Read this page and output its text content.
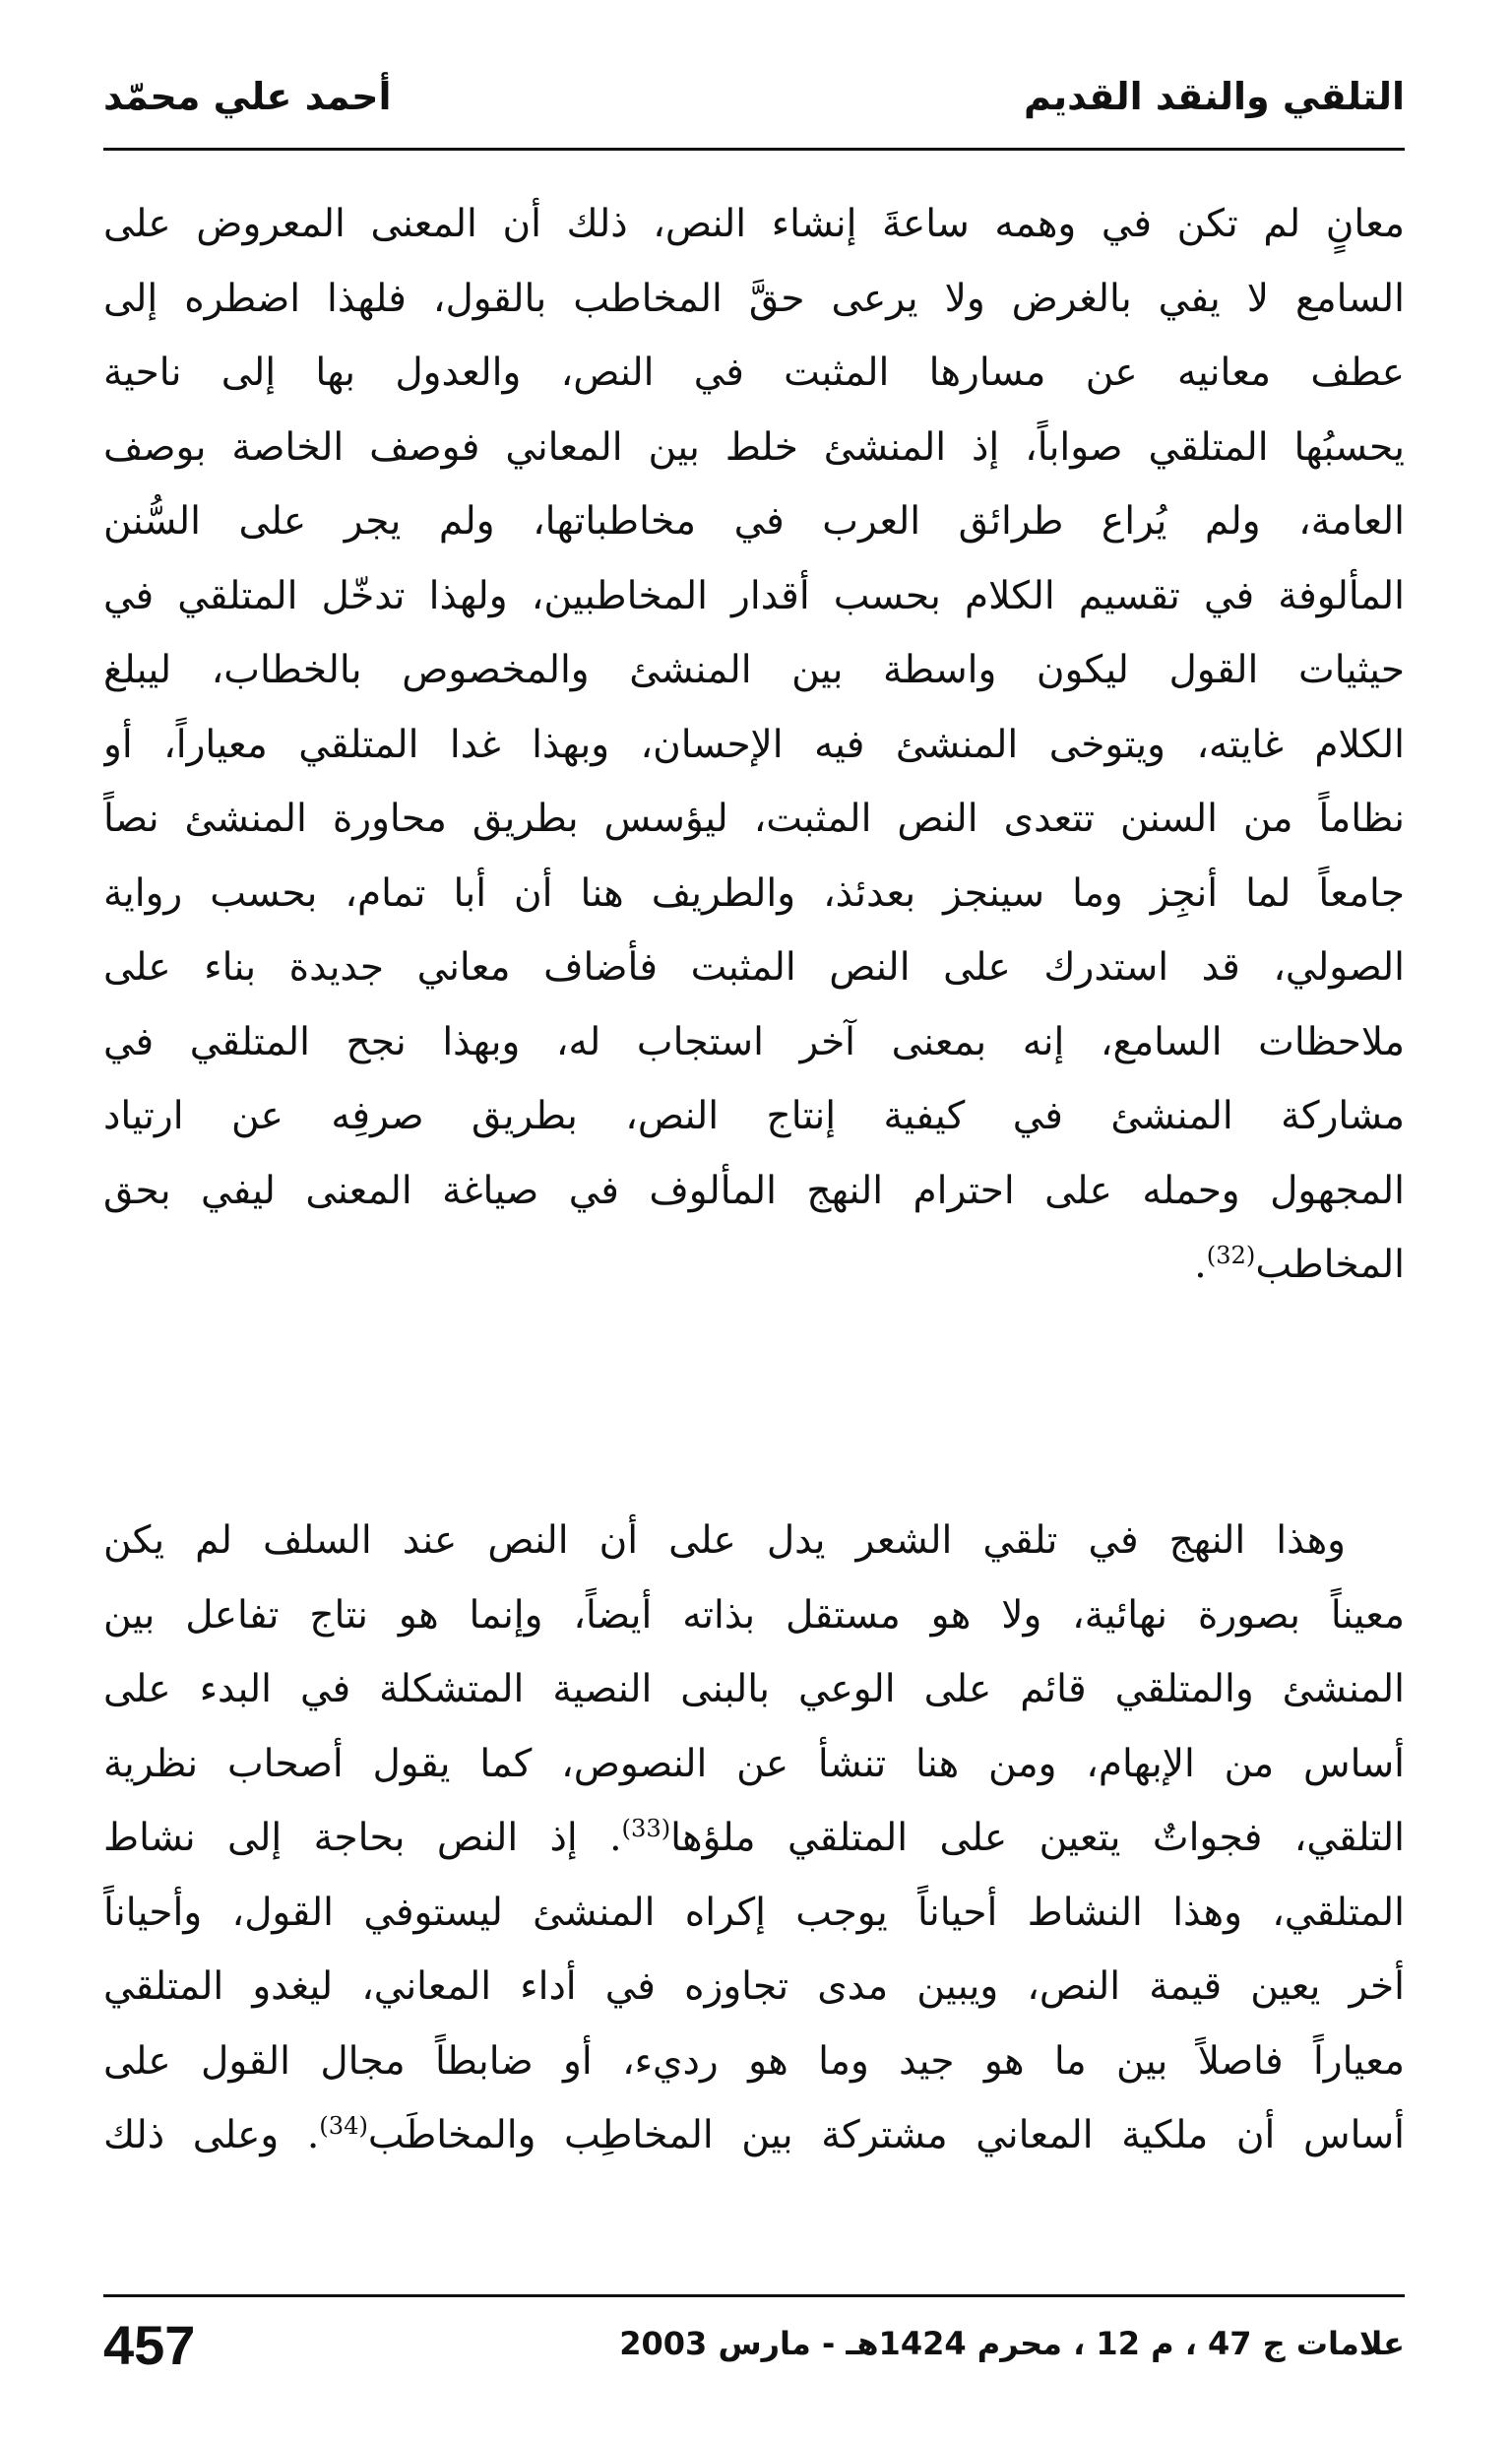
التلقي والنقد القديم
أحمد علي محمّد
معانٍ لم تكن في وهمه ساعةَ إنشاء النص، ذلك أن المعنى المعروض على
السامع لا يفي بالغرض ولا يرعى حقَّ المخاطب بالقول، فلهذا اضطره إلى
عطف معانيه عن مسارها المثبت في النص، والعدول بها إلى ناحية
يحسبُها المتلقي صواباً، إذ المنشئ خلط بين المعاني فوصف الخاصة بوصف
العامة، ولم يُراع طرائق العرب في مخاطباتها، ولم يجر على السُّنن
المألوفة في تقسيم الكلام بحسب أقدار المخاطبين، ولهذا تدخّل المتلقي في
حيثيات القول ليكون واسطة بين المنشئ والمخصوص بالخطاب، ليبلغ
الكلام غايته، ويتوخى المنشئ فيه الإحسان، وبهذا غدا المتلقي معياراً، أو
نظاماً من السنن تتعدى النص المثبت، ليؤسس بطريق محاورة المنشئ نصاً
جامعاً لما أنجِز وما سينجز بعدئذ، والطريف هنا أن أبا تمام، بحسب رواية
الصولي، قد استدرك على النص المثبت فأضاف معاني جديدة بناء على
ملاحظات السامع، إنه بمعنى آخر استجاب له، وبهذا نجح المتلقي في
مشاركة المنشئ في كيفية إنتاج النص، بطريق صرفِه عن ارتياد
المجهول وحمله على احترام النهج المألوف في صياغة المعنى ليفي بحق
المخاطب$^{(32)}$.
وهذا النهج في تلقي الشعر يدل على أن النص عند السلف لم يكن
معيناً بصورة نهائية، ولا هو مستقل بذاته أيضاً، وإنما هو نتاج تفاعل بين
المنشئ والمتلقي قائم على الوعي بالبنى النصية المتشكلة في البدء على
أساس من الإبهام، ومن هنا تنشأ عن النصوص، كما يقول أصحاب نظرية
التلقي، فجواتٌ يتعين على المتلقي ملؤها$^{(33)}$. إذ النص بحاجة إلى نشاط
المتلقي، وهذا النشاط أحياناً يوجب إكراه المنشئ ليستوفي القول، وأحياناً
أخر يعين قيمة النص، ويبين مدى تجاوزه في أداء المعاني، ليغدو المتلقي
معياراً فاصلاً بين ما هو جيد وما هو رديء، أو ضابطاً مجال القول على
أساس أن ملكية المعاني مشتركة بين المخاطِب والمخاطَب$^{(34)}$. وعلى ذلك
457	علامات ج 47 ، م 12 ، محرم 1424هـ - مارس 2003
